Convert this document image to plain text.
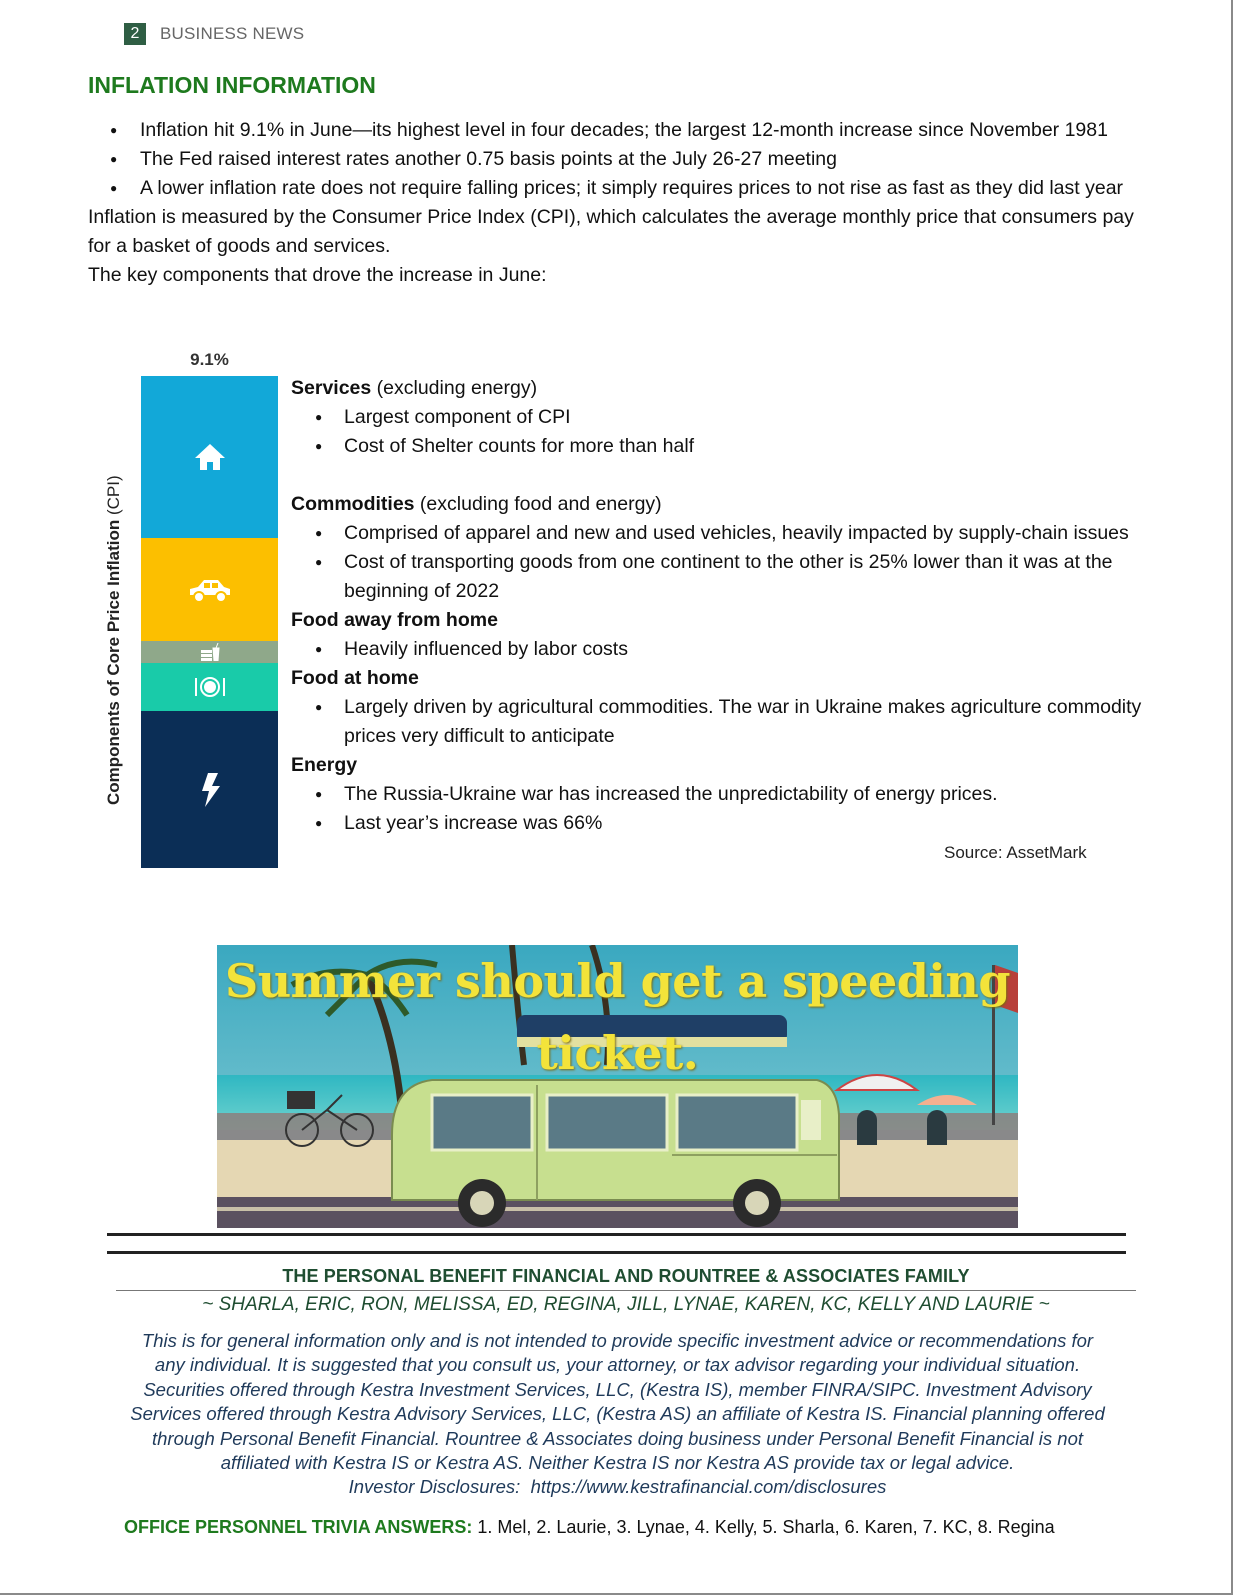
2	BUSINESS NEWS
INFLATION INFORMATION
● Inflation hit 9.1% in June—its highest level in four decades; the largest 12-month increase since November 1981
● The Fed raised interest rates another 0.75 basis points at the July 26-27 meeting
● A lower inflation rate does not require falling prices; it simply requires prices to not rise as fast as they did last year

Inflation is measured by the Consumer Price Index (CPI), which calculates the average monthly price that consumers pay for a basket of goods and services.

The key components that drove the increase in June:

Components of Core Price Inflation (CPI)
9.1%
Services (excluding energy)
● Largest component of CPI
● Cost of Shelter counts for more than half
Commodities (excluding food and energy)
● Comprised of apparel and new and used vehicles, heavily impacted by supply-chain issues
● Cost of transporting goods from one continent to the other is 25% lower than it was at the beginning of 2022
Food away from home
● Heavily influenced by labor costs
Food at home
● Largely driven by agricultural commodities. The war in Ukraine makes agriculture commodity prices very difficult to anticipate
Energy
● The Russia-Ukraine war has increased the unpredictability of energy prices.
● Last year’s increase was 66%
Source: AssetMark
Summer should get a speeding ticket.
THE PERSONAL BENEFIT FINANCIAL AND ROUNTREE & ASSOCIATES FAMILY
~ SHARLA, ERIC, RON, MELISSA, ED, REGINA, JILL, LYNAE, KAREN, KC, KELLY AND LAURIE ~
This is for general information only and is not intended to provide specific investment advice or recommendations for
any individual. It is suggested that you consult us, your attorney, or tax advisor regarding your individual situation.
Securities offered through Kestra Investment Services, LLC, (Kestra IS), member FINRA/SIPC. Investment Advisory
Services offered through Kestra Advisory Services, LLC, (Kestra AS) an affiliate of Kestra IS. Financial planning offered
through Personal Benefit Financial. Rountree & Associates doing business under Personal Benefit Financial is not
affiliated with Kestra IS or Kestra AS. Neither Kestra IS nor Kestra AS provide tax or legal advice.
Investor Disclosures: https://www.kestrafinancial.com/disclosures
OFFICE PERSONNEL TRIVIA ANSWERS: 1. Mel, 2. Laurie, 3. Lynae, 4. Kelly, 5. Sharla, 6. Karen, 7. KC, 8. Regina
